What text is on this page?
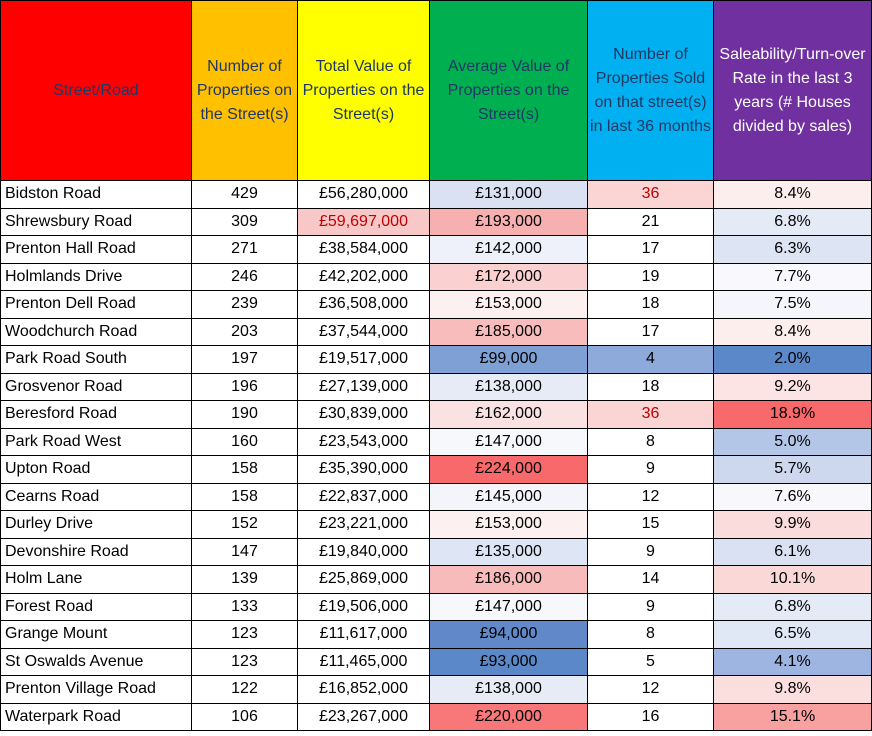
Street/Road	Number of Properties on the Street(s)	Total Value of Properties on the Street(s)	Average Value of Properties on the Street(s)	Number of Properties Sold on that street(s) in last 36 months	Saleability/Turn-over Rate in the last 3 years (# Houses divided by sales)
Bidston Road	429	£56,280,000	£131,000	36	8.4%
Shrewsbury Road	309	£59,697,000	£193,000	21	6.8%
Prenton Hall Road	271	£38,584,000	£142,000	17	6.3%
Holmlands Drive	246	£42,202,000	£172,000	19	7.7%
Prenton Dell Road	239	£36,508,000	£153,000	18	7.5%
Woodchurch Road	203	£37,544,000	£185,000	17	8.4%
Park Road South	197	£19,517,000	£99,000	4	2.0%
Grosvenor Road	196	£27,139,000	£138,000	18	9.2%
Beresford Road	190	£30,839,000	£162,000	36	18.9%
Park Road West	160	£23,543,000	£147,000	8	5.0%
Upton Road	158	£35,390,000	£224,000	9	5.7%
Cearns Road	158	£22,837,000	£145,000	12	7.6%
Durley Drive	152	£23,221,000	£153,000	15	9.9%
Devonshire Road	147	£19,840,000	£135,000	9	6.1%
Holm Lane	139	£25,869,000	£186,000	14	10.1%
Forest Road	133	£19,506,000	£147,000	9	6.8%
Grange Mount	123	£11,617,000	£94,000	8	6.5%
St Oswalds Avenue	123	£11,465,000	£93,000	5	4.1%
Prenton Village Road	122	£16,852,000	£138,000	12	9.8%
Waterpark Road	106	£23,267,000	£220,000	16	15.1%
